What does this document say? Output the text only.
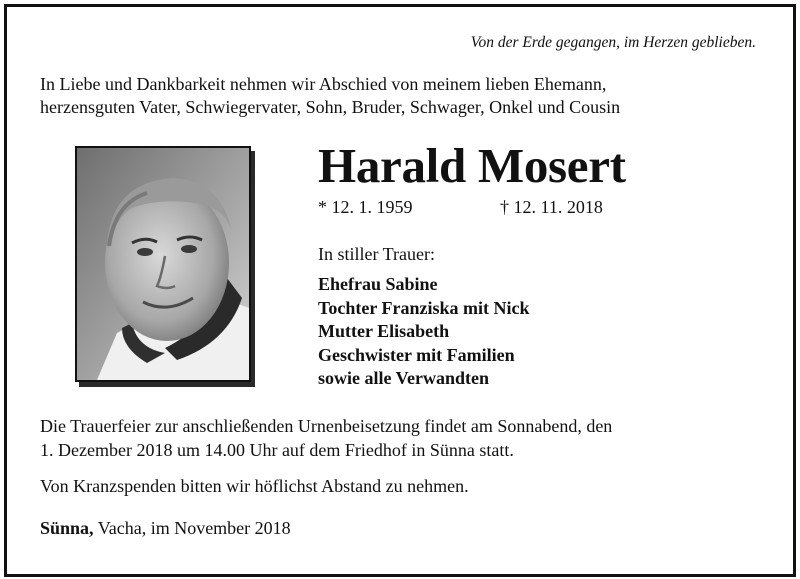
Von der Erde gegangen, im Herzen geblieben.
In Liebe und Dankbarkeit nehmen wir Abschied von meinem lieben Ehemann,
herzensguten Vater, Schwiegervater, Sohn, Bruder, Schwager, Onkel und Cousin
Harald Mosert
* 12. 1. 1959	† 12. 11. 2018
In stiller Trauer:
Ehefrau Sabine
Tochter Franziska mit Nick
Mutter Elisabeth
Geschwister mit Familien
sowie alle Verwandten
Die Trauerfeier zur anschließenden Urnenbeisetzung findet am Sonnabend, den
1. Dezember 2018 um 14.00 Uhr auf dem Friedhof in Sünna statt.
Von Kranzspenden bitten wir höflichst Abstand zu nehmen.
Sünna, Vacha, im November 2018
